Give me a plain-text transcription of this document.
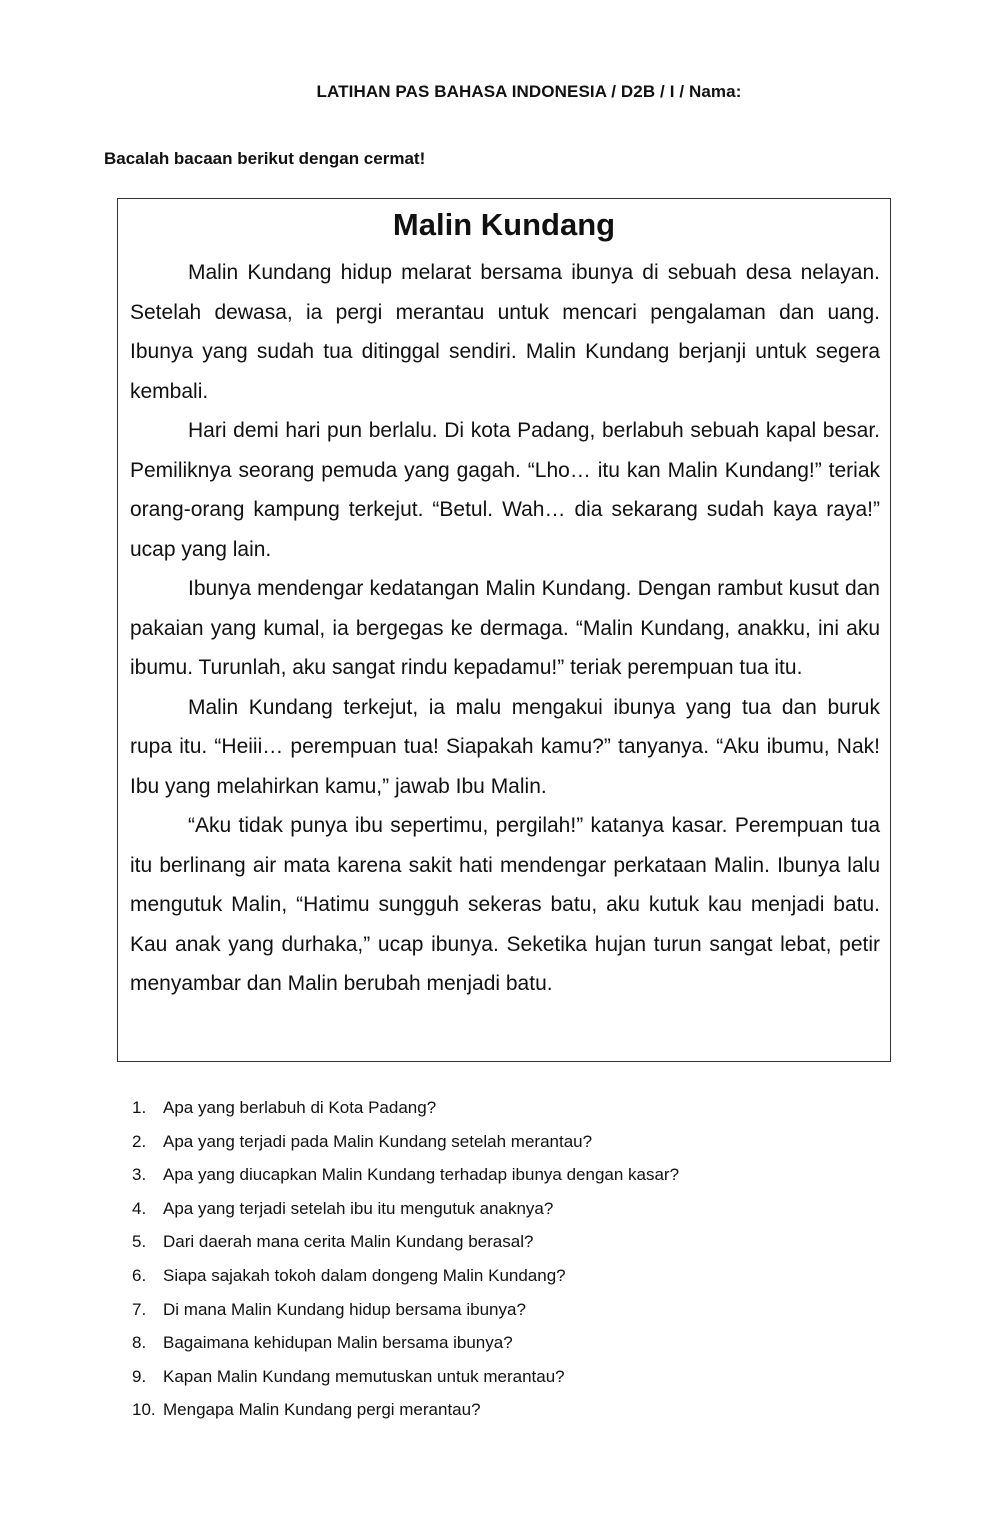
LATIHAN PAS BAHASA INDONESIA / D2B / I / Nama:
Bacalah bacaan berikut dengan cermat!
Malin Kundang

Malin Kundang hidup melarat bersama ibunya di sebuah desa nelayan. Setelah dewasa, ia pergi merantau untuk mencari pengalaman dan uang. Ibunya yang sudah tua ditinggal sendiri. Malin Kundang berjanji untuk segera kembali.

Hari demi hari pun berlalu. Di kota Padang, berlabuh sebuah kapal besar. Pemiliknya seorang pemuda yang gagah. “Lho… itu kan Malin Kundang!” teriak orang-orang kampung terkejut. “Betul. Wah… dia sekarang sudah kaya raya!” ucap yang lain.

Ibunya mendengar kedatangan Malin Kundang. Dengan rambut kusut dan pakaian yang kumal, ia bergegas ke dermaga. “Malin Kundang, anakku, ini aku ibumu. Turunlah, aku sangat rindu kepadamu!” teriak perempuan tua itu.

Malin Kundang terkejut, ia malu mengakui ibunya yang tua dan buruk rupa itu. “Heiii… perempuan tua! Siapakah kamu?” tanyanya. “Aku ibumu, Nak! Ibu yang melahirkan kamu,” jawab Ibu Malin.

“Aku tidak punya ibu sepertimu, pergilah!” katanya kasar. Perempuan tua itu berlinang air mata karena sakit hati mendengar perkataan Malin. Ibunya lalu mengutuk Malin, “Hatimu sungguh sekeras batu, aku kutuk kau menjadi batu. Kau anak yang durhaka,” ucap ibunya. Seketika hujan turun sangat lebat, petir menyambar dan Malin berubah menjadi batu.

1. Apa yang berlabuh di Kota Padang?
2. Apa yang terjadi pada Malin Kundang setelah merantau?
3. Apa yang diucapkan Malin Kundang terhadap ibunya dengan kasar?
4. Apa yang terjadi setelah ibu itu mengutuk anaknya?
5. Dari daerah mana cerita Malin Kundang berasal?
6. Siapa sajakah tokoh dalam dongeng Malin Kundang?
7. Di mana Malin Kundang hidup bersama ibunya?
8. Bagaimana kehidupan Malin bersama ibunya?
9. Kapan Malin Kundang memutuskan untuk merantau?
10. Mengapa Malin Kundang pergi merantau?
